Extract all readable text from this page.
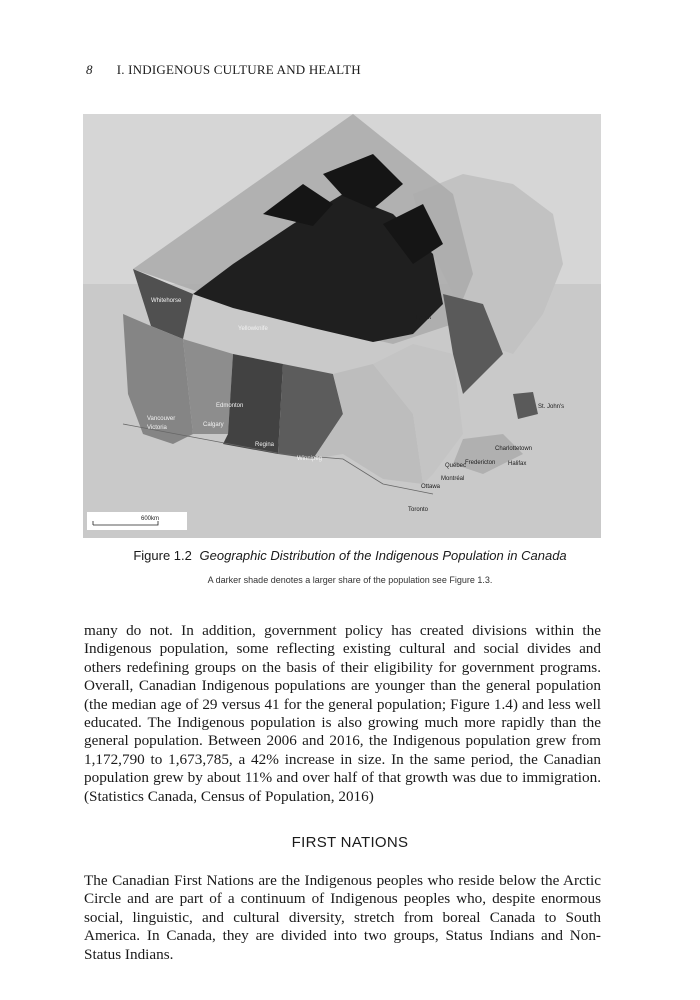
8 I. INDIGENOUS CULTURE AND HEALTH
Whitehorse
Yellowknife
Iqaluit
Edmonton
Calgary
Vancouver
Victoria
Regina
Winnipeg
St. John's
Charlottetown
Québec
Fredericton Halifax
Montréal
Ottawa
Toronto
600km
Figure 1.2 Geographic Distribution of the Indigenous Population in Canada
A darker shade denotes a larger share of the population see Figure 1.3.

many do not. In addition, government policy has created divisions within the Indigenous population, some reflecting existing cultural and social divides and others redefining groups on the basis of their eligibility for government programs. Overall, Canadian Indigenous populations are younger than the general population (the median age of 29 versus 41 for the general population; Figure 1.4) and less well educated. The Indigenous population is also growing much more rapidly than the general population. Between 2006 and 2016, the Indigenous population grew from 1,172,790 to 1,673,785, a 42% increase in size. In the same period, the Canadian population grew by about 11% and over half of that growth was due to immigration. (Statistics Canada, Census of Population, 2016)

FIRST NATIONS

The Canadian First Nations are the Indigenous peoples who reside below the Arctic Circle and are part of a continuum of Indigenous peoples who, despite enormous social, linguistic, and cultural diversity, stretch from boreal Canada to South America. In Canada, they are divided into two groups, Status Indians and Non-Status Indians.
